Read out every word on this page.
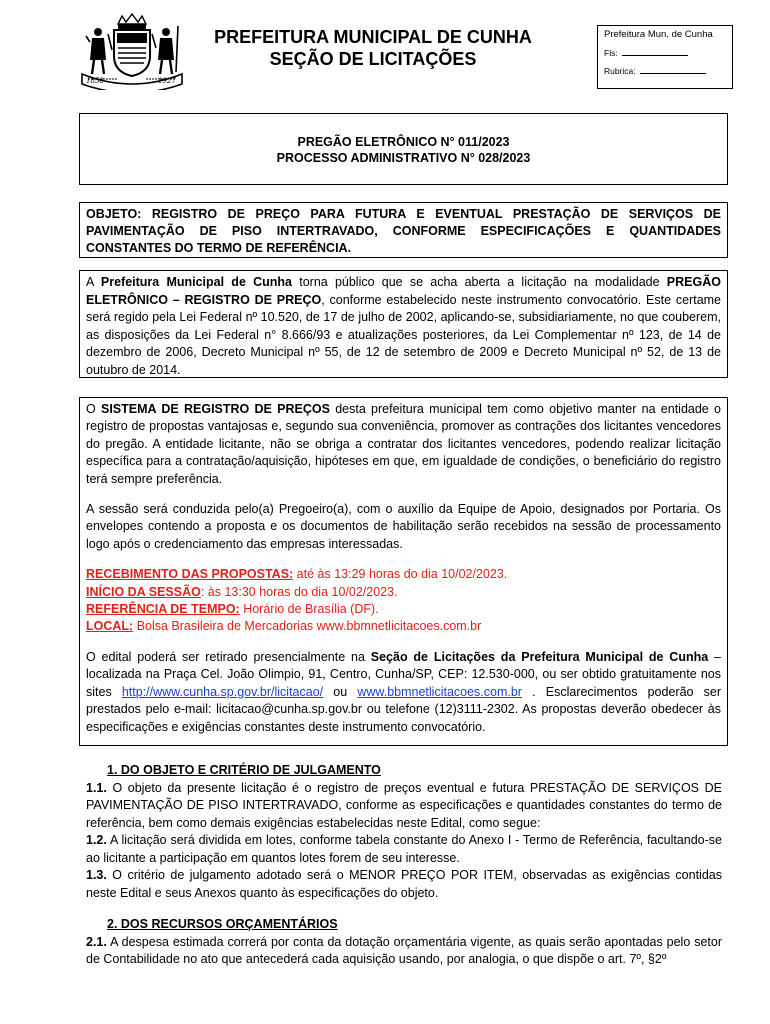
1858	1927
PREFEITURA MUNICIPAL DE CUNHA
SEÇÃO DE LICITAÇÕES
Prefeitura Mun. de Cunha
Fls:
Rubrica:
PREGÃO ELETRÔNICO N° 011/2023
PROCESSO ADMINISTRATIVO N° 028/2023
OBJETO: REGISTRO DE PREÇO PARA FUTURA E EVENTUAL PRESTAÇÃO DE SERVIÇOS DE PAVIMENTAÇÃO DE PISO INTERTRAVADO, CONFORME ESPECIFICAÇÕES E QUANTIDADES CONSTANTES DO TERMO DE REFERÊNCIA.
A Prefeitura Municipal de Cunha torna público que se acha aberta a licitação na modalidade PREGÃO ELETRÔNICO – REGISTRO DE PREÇO, conforme estabelecido neste instrumento convocatório. Este certame será regido pela Lei Federal nº 10.520, de 17 de julho de 2002, aplicando-se, subsidiariamente, no que couberem, as disposições da Lei Federal n° 8.666/93 e atualizações posteriores, da Lei Complementar nº 123, de 14 de dezembro de 2006, Decreto Municipal nº 55, de 12 de setembro de 2009 e Decreto Municipal nº 52, de 13 de outubro de 2014.

O SISTEMA DE REGISTRO DE PREÇOS desta prefeitura municipal tem como objetivo manter na entidade o registro de propostas vantajosas e, segundo sua conveniência, promover as contrações dos licitantes vencedores do pregão. A entidade licitante, não se obriga a contratar dos licitantes vencedores, podendo realizar licitação específica para a contratação/aquisição, hipóteses em que, em igualdade de condições, o beneficiário do registro terá sempre preferência.

A sessão será conduzida pelo(a) Pregoeiro(a), com o auxílio da Equipe de Apoio, designados por Portaria. Os envelopes contendo a proposta e os documentos de habilitação serão recebidos na sessão de processamento logo após o credenciamento das empresas interessadas.

RECEBIMENTO DAS PROPOSTAS: até às 13:29 horas do dia 10/02/2023.
INÍCIO DA SESSÃO: às 13:30 horas do dia 10/02/2023.
REFERÊNCIA DE TEMPO: Horário de Brasília (DF).
LOCAL: Bolsa Brasileira de Mercadorias www.bbmnetlicitacoes.com.br

O edital poderá ser retirado presencialmente na Seção de Licitações da Prefeitura Municipal de Cunha – localizada na Praça Cel. João Olimpio, 91, Centro, Cunha/SP, CEP: 12.530-000, ou ser obtido gratuitamente nos sites http://www.cunha.sp.gov.br/licitacao/ ou www.bbmnetlicitacoes.com.br . Esclarecimentos poderão ser prestados pelo e-mail: licitacao@cunha.sp.gov.br ou telefone (12)3111-2302. As propostas deverão obedecer às especificações e exigências constantes deste instrumento convocatório.

1. DO OBJETO E CRITÉRIO DE JULGAMENTO

1.1. O objeto da presente licitação é o registro de preços eventual e futura PRESTAÇÃO DE SERVIÇOS DE PAVIMENTAÇÃO DE PISO INTERTRAVADO, conforme as especificações e quantidades constantes do termo de referência, bem como demais exigências estabelecidas neste Edital, como segue:

1.2. A licitação será dividida em lotes, conforme tabela constante do Anexo I - Termo de Referência, facultando-se ao licitante a participação em quantos lotes forem de seu interesse.

1.3. O critério de julgamento adotado será o MENOR PREÇO POR ITEM, observadas as exigências contidas neste Edital e seus Anexos quanto às especificações do objeto.

2. DOS RECURSOS ORÇAMENTÁRIOS

2.1. A despesa estimada correrá por conta da dotação orçamentária vigente, as quais serão apontadas pelo setor de Contabilidade no ato que antecederá cada aquisição usando, por analogia, o que dispõe o art. 7º, §2º
